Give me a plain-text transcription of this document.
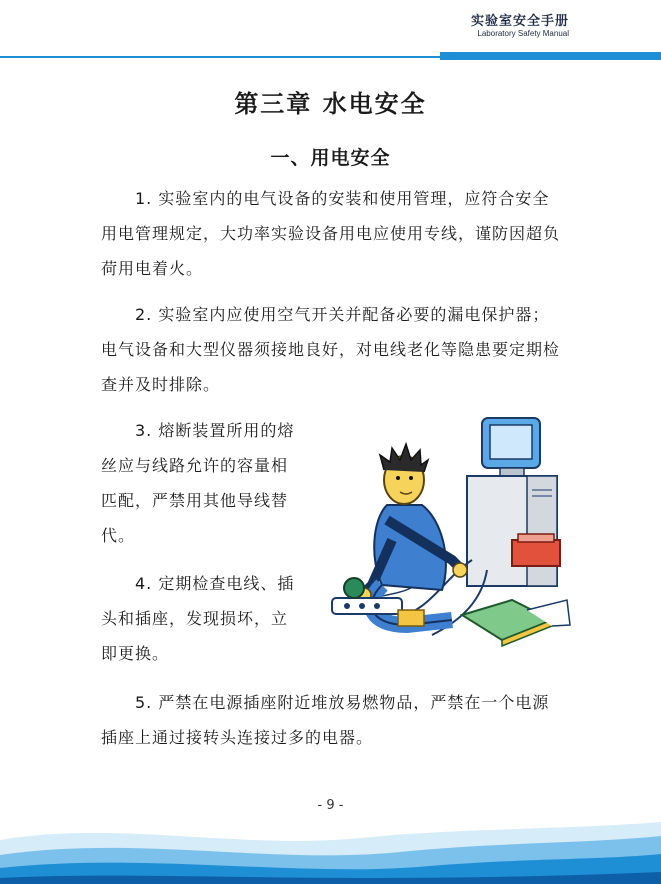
实验室安全手册
Laboratory Safety Manual
第三章 水电安全
一、用电安全
1. 实验室内的电气设备的安装和使用管理，应符合安全用电管理规定，大功率实验设备用电应使用专线，谨防因超负荷用电着火。
2. 实验室内应使用空气开关并配备必要的漏电保护器；电气设备和大型仪器须接地良好，对电线老化等隐患要定期检查并及时排除。
3. 熔断装置所用的熔丝应与线路允许的容量相匹配，严禁用其他导线替代。
4. 定期检查电线、插头和插座，发现损坏，立即更换。
5. 严禁在电源插座附近堆放易燃物品，严禁在一个电源插座上通过接转头连接过多的电器。
- 9 -
